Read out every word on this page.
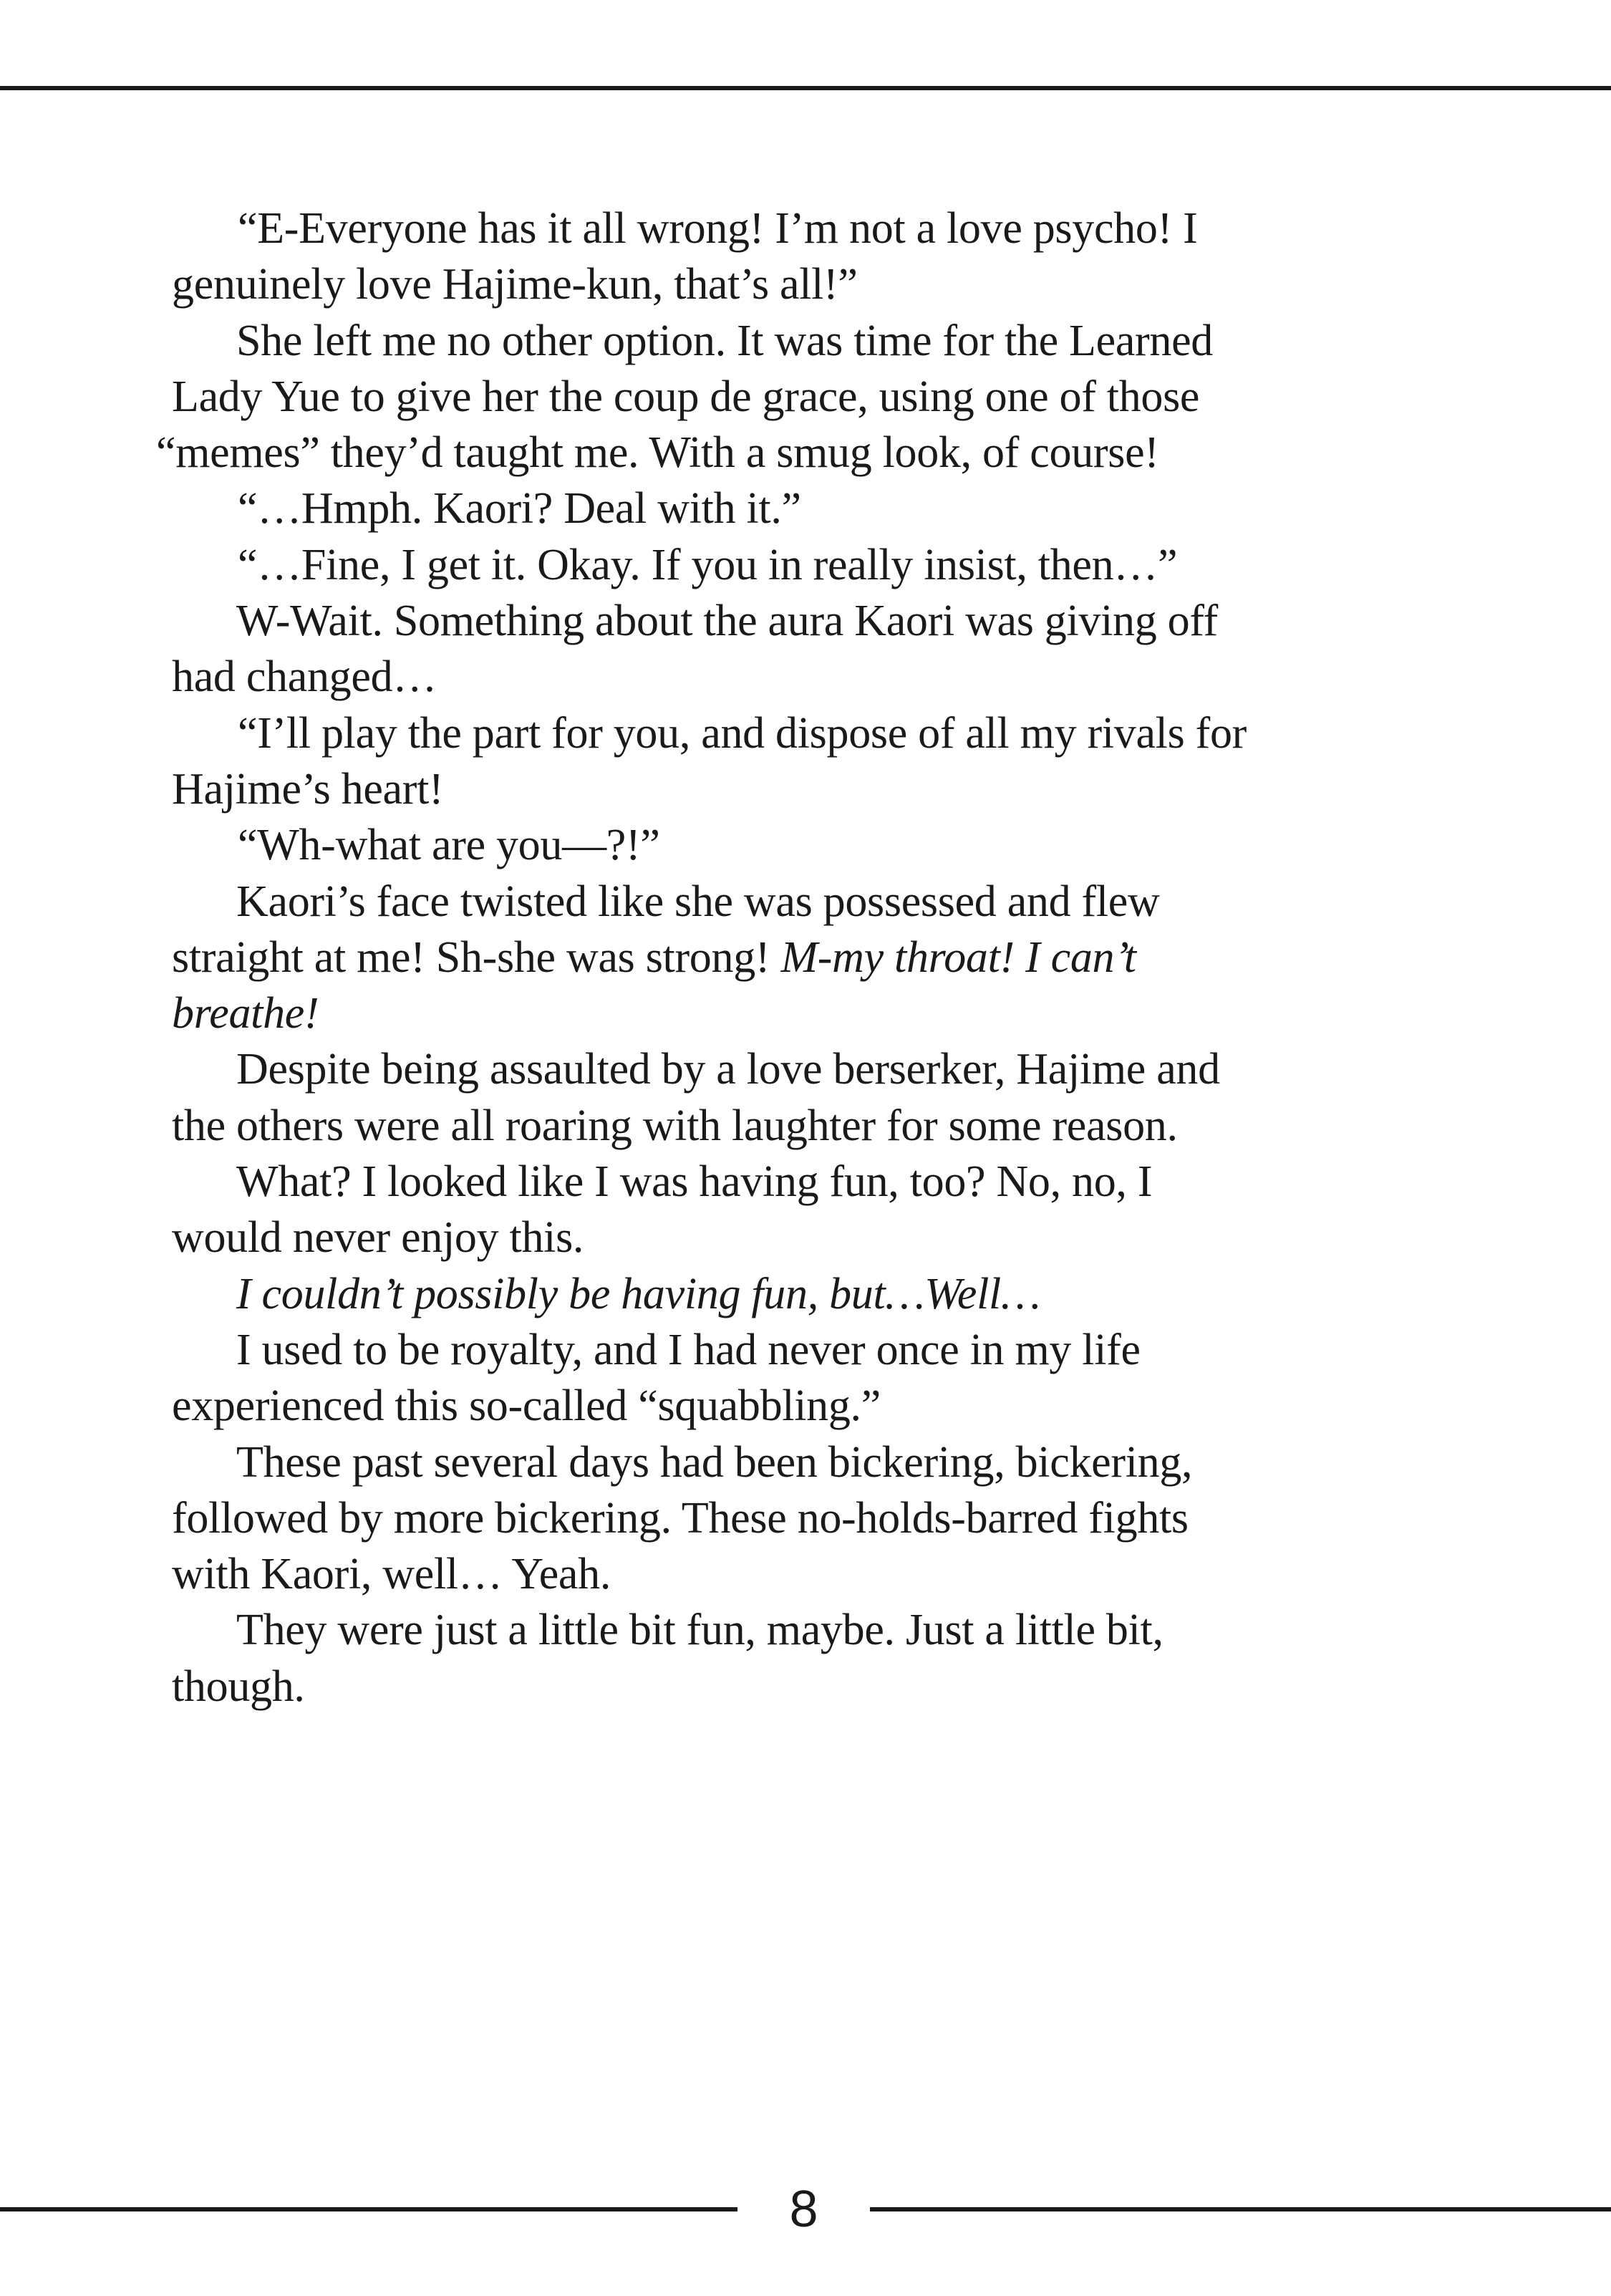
“E-Everyone has it all wrong! I’m not a love psycho! I
genuinely love Hajime-kun, that’s all!”
She left me no other option. It was time for the Learned
Lady Yue to give her the coup de grace, using one of those
“memes” they’d taught me. With a smug look, of course!
“…Hmph. Kaori? Deal with it.”
“…Fine, I get it. Okay. If you in really insist, then…”
W-Wait. Something about the aura Kaori was giving off
had changed…
“I’ll play the part for you, and dispose of all my rivals for
Hajime’s heart!
“Wh-what are you—?!”
Kaori’s face twisted like she was possessed and flew
straight at me! Sh-she was strong! M-my throat! I can’t
breathe!
Despite being assaulted by a love berserker, Hajime and
the others were all roaring with laughter for some reason.
What? I looked like I was having fun, too? No, no, I
would never enjoy this.
I couldn’t possibly be having fun, but…Well…
I used to be royalty, and I had never once in my life
experienced this so-called “squabbling.”
These past several days had been bickering, bickering,
followed by more bickering. These no-holds-barred fights
with Kaori, well… Yeah.
They were just a little bit fun, maybe. Just a little bit,
though.
8
